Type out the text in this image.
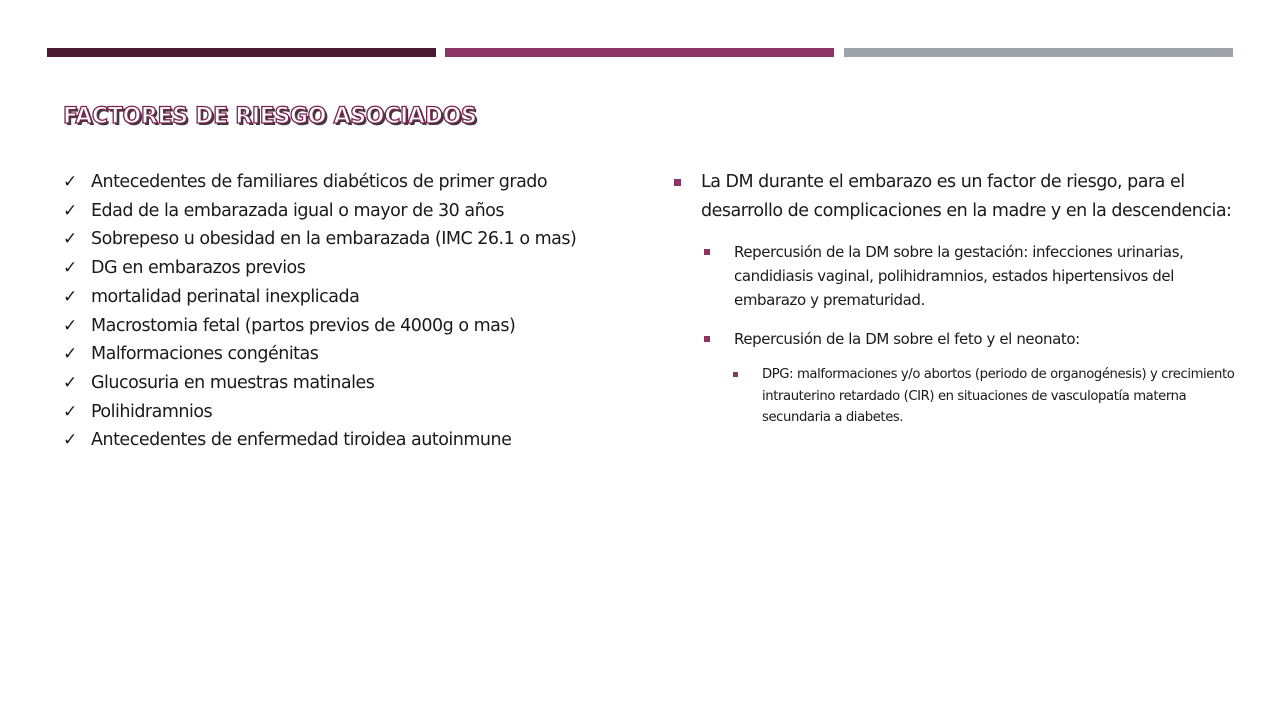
FACTORES DE RIESGO ASOCIADOS
✓ Antecedentes de familiares diabéticos de primer grado
✓ Edad de la embarazada igual o mayor de 30 años
✓ Sobrepeso u obesidad en la embarazada (IMC 26.1 o mas)
✓ DG en embarazos previos
✓ mortalidad perinatal inexplicada
✓ Macrostomia fetal (partos previos de 4000g o mas)
✓ Malformaciones congénitas
✓ Glucosuria en muestras matinales
✓ Polihidramnios
✓ Antecedentes de enfermedad tiroidea autoinmune
La DM durante el embarazo es un factor de riesgo, para el desarrollo de complicaciones en la madre y en la descendencia:
Repercusión de la DM sobre la gestación: infecciones urinarias, candidiasis vaginal, polihidramnios, estados hipertensivos del embarazo y prematuridad.
Repercusión de la DM sobre el feto y el neonato:
DPG: malformaciones y/o abortos (periodo de organogénesis) y crecimiento intrauterino retardado (CIR) en situaciones de vasculopatía materna secundaria a diabetes.
